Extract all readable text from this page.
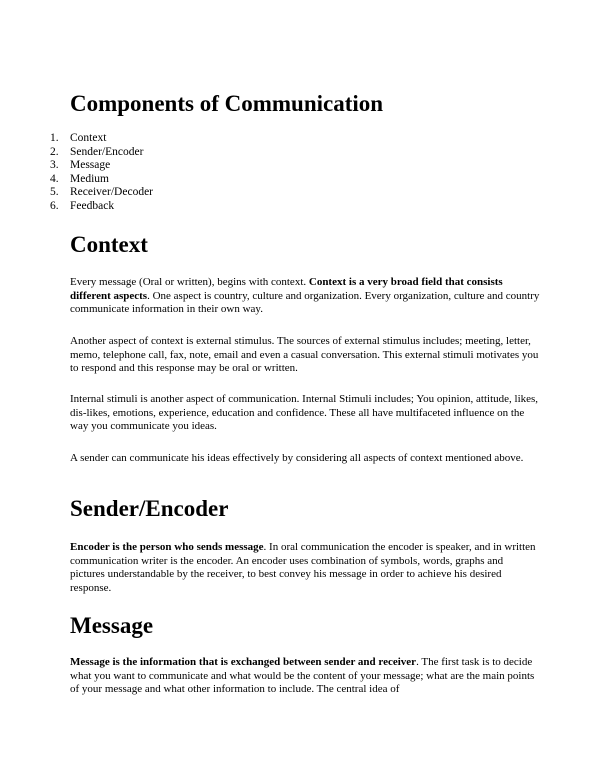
Components of Communication
1. Context
2. Sender/Encoder
3. Message
4. Medium
5. Receiver/Decoder
6. Feedback
Context

Every message (Oral or written), begins with context. Context is a very broad field that consists different aspects. One aspect is country, culture and organization. Every organization, culture and country communicate information in their own way.

Another aspect of context is external stimulus. The sources of external stimulus includes; meeting, letter, memo, telephone call, fax, note, email and even a casual conversation. This external stimuli motivates you to respond and this response may be oral or written.

Internal stimuli is another aspect of communication. Internal Stimuli includes; You opinion, attitude, likes, dis-likes, emotions, experience, education and confidence. These all have multifaceted influence on the way you communicate you ideas.

A sender can communicate his ideas effectively by considering all aspects of context mentioned above.

Sender/Encoder

Encoder is the person who sends message. In oral communication the encoder is speaker, and in written communication writer is the encoder. An encoder uses combination of symbols, words, graphs and pictures understandable by the receiver, to best convey his message in order to achieve his desired response.

Message

Message is the information that is exchanged between sender and receiver. The first task is to decide what you want to communicate and what would be the content of your message; what are the main points of your message and what other information to include. The central idea of
